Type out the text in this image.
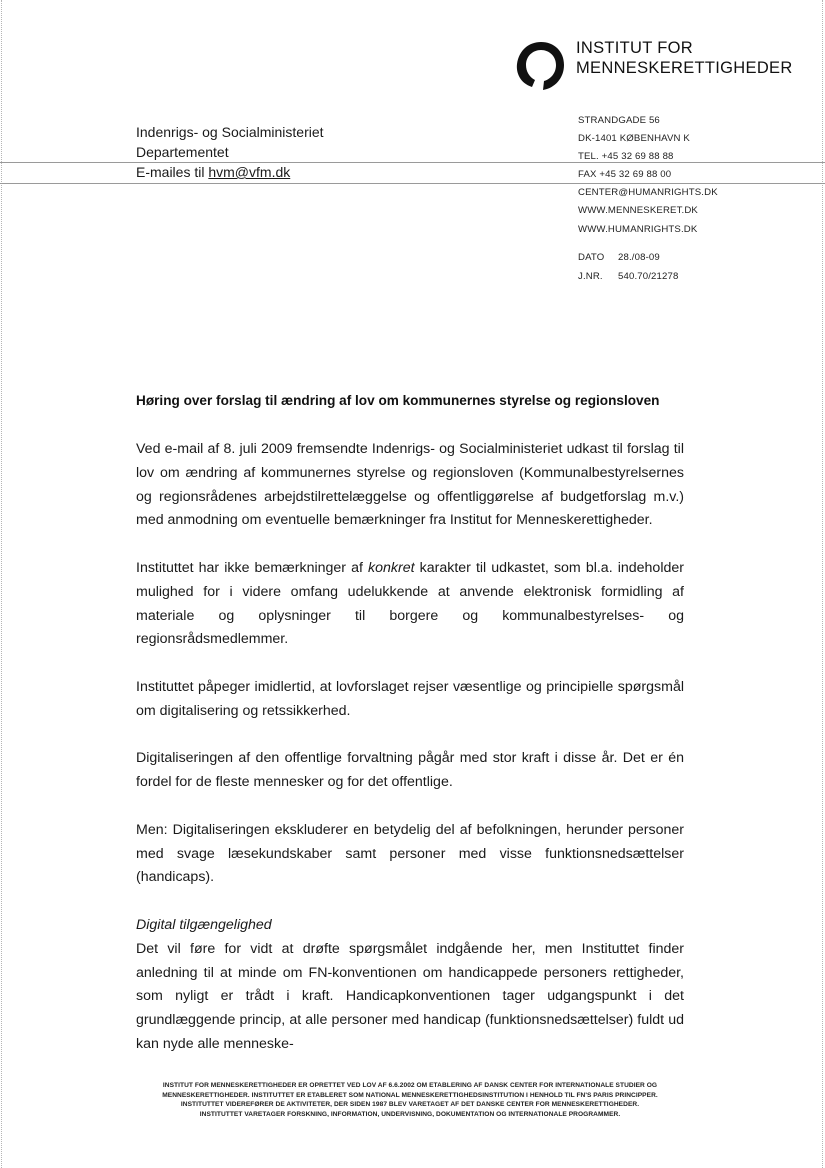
INSTITUT FOR
MENNESKERETTIGHEDER
Indenrigs- og Socialministeriet
Departementet
E-mailes til hvm@vfm.dk
STRANDGADE 56
DK-1401 KØBENHAVN K
TEL. +45 32 69 88 88
FAX +45 32 69 88 00
CENTER@HUMANRIGHTS.DK
WWW.MENNESKERET.DK
WWW.HUMANRIGHTS.DK
DATO 28./08-09
J.NR. 540.70/21278
Høring over forslag til ændring af lov om kommunernes styrelse og regionsloven

Ved e-mail af 8. juli 2009 fremsendte Indenrigs- og Socialministeriet udkast til forslag til lov om ændring af kommunernes styrelse og regionsloven (Kommunalbestyrelsernes og regionsrådenes arbejdstilrettelæggelse og offentliggørelse af budgetforslag m.v.) med anmodning om eventuelle bemærkninger fra Institut for Menneskerettigheder.

Instituttet har ikke bemærkninger af konkret karakter til udkastet, som bl.a. indeholder mulighed for i videre omfang udelukkende at anvende elektronisk formidling af materiale og oplysninger til borgere og kommunalbestyrelses- og regionsrådsmedlemmer.

Instituttet påpeger imidlertid, at lovforslaget rejser væsentlige og principielle spørgsmål om digitalisering og retssikkerhed.

Digitaliseringen af den offentlige forvaltning pågår med stor kraft i disse år. Det er én fordel for de fleste mennesker og for det offentlige.

Men: Digitaliseringen ekskluderer en betydelig del af befolkningen, herunder personer med svage læsekundskaber samt personer med visse funktionsnedsættelser (handicaps).

Digital tilgængelighed

Det vil føre for vidt at drøfte spørgsmålet indgående her, men Instituttet finder anledning til at minde om FN-konventionen om handicappede personers rettigheder, som nyligt er trådt i kraft. Handicapkonventionen tager udgangspunkt i det grundlæggende princip, at alle personer med handicap (funktionsnedsættelser) fuldt ud kan nyde alle menneske-

INSTITUT FOR MENNESKERETTIGHEDER ER OPRETTET VED LOV AF 6.6.2002 OM ETABLERING AF DANSK CENTER FOR INTERNATIONALE STUDIER OG
MENNESKERETTIGHEDER. INSTITUTTET ER ETABLERET SOM NATIONAL MENNESKERETTIGHEDSINSTITUTION I HENHOLD TIL FN'S PARIS PRINCIPPER.
INSTITUTTET VIDEREFØRER DE AKTIVITETER, DER SIDEN 1987 BLEV VARETAGET AF DET DANSKE CENTER FOR MENNESKERETTIGHEDER.
INSTITUTTET VARETAGER FORSKNING, INFORMATION, UNDERVISNING, DOKUMENTATION OG INTERNATIONALE PROGRAMMER.
